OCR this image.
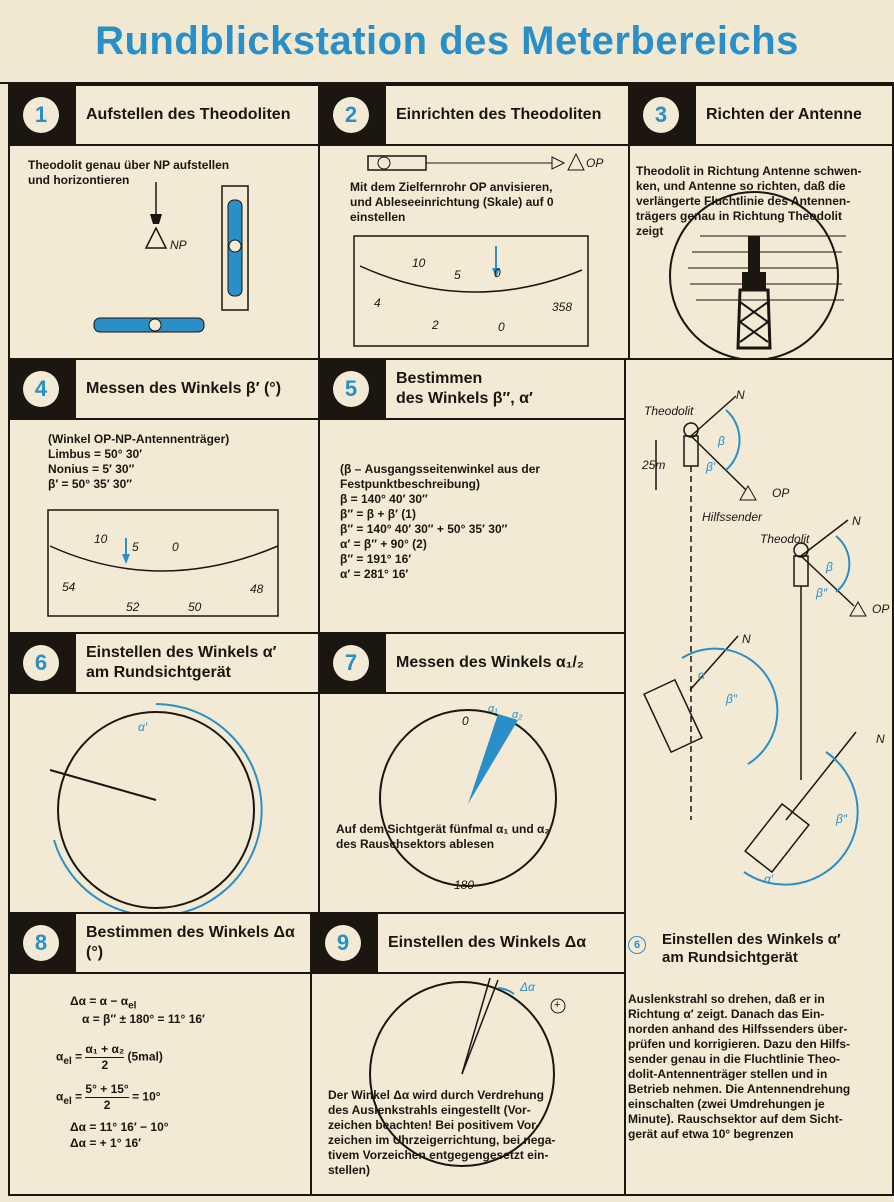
Rundblickstation des Meterbereichs
1	Aufstellen des Theodoliten
Theodolit genau über NP aufstellen
und horizontieren
NP
2	Einrichten des Theodoliten
OP
Mit dem Zielfernrohr OP anvisieren,
und Ableseeinrichtung (Skale) auf 0
einstellen
10
5	0
4
2	0
358
3	Richten der Antenne
Theodolit in Richtung Antenne schwen-
ken, und Antenne so richten, daß die
verlängerte Fluchtlinie des Antennen-
trägers genau in Richtung Theodolit
zeigt
4	Messen des Winkels β′ (°)
(Winkel OP-NP-Antennenträger)
Limbus = 50° 30′
Nonius = 5′ 30″
β′ = 50° 35′ 30″
10
5	0
54
52	50
48
5	Bestimmen
des Winkels β″, α′
(β – Ausgangsseitenwinkel aus der
Festpunktbeschreibung)
β = 140° 40′ 30″
β″ = β + β′ (1)
β″ = 140° 40′ 30″ + 50° 35′ 30″
α′ = β″ + 90° (2)
β″ = 191° 16′
α′ = 281° 16′
Theodolit
Theodolit
N
N
N
N
OP
OP
β
β′
β
β″
α
β″
β″
α′
25m
Hilfssender
6	Einstellen des Winkels α′
am Rundsichtgerät
α′
7	Messen des Winkels α₁/₂
0
180
α₁ α₂
Auf dem Sichtgerät fünfmal α₁ und α₂
des Rauschsektors ablesen
8	Bestimmen des Winkels Δα
(°)
$\Delta\alpha = \alpha - \alpha_{el}$
α = β″ ± 180° = 11° 16′
$\alpha_{el} = \frac{\text{α₁ + α₂}}{2} (5mal)$
$\alpha_{el} = \frac{5^\circ + 15^\circ}{2} = 10^\circ$
Δα = 11° 16′ − 10°
Δα = + 1° 16′
9	Einstellen des Winkels Δα
Δα
+
Der Winkel Δα wird durch Verdrehung
des Auslenkstrahls eingestellt (Vor-
zeichen beachten! Bei positivem Vor-
zeichen im Uhrzeigerrichtung, bei nega-
tivem Vorzeichen entgegengesetzt ein-
stellen)
6	Einstellen des Winkels α′
am Rundsichtgerät
Auslenkstrahl so drehen, daß er in
Richtung α′ zeigt. Danach das Ein-
norden anhand des Hilfssenders über-
prüfen und korrigieren. Dazu den Hilfs-
sender genau in die Fluchtlinie Theo-
dolit-Antennenträger stellen und in
Betrieb nehmen. Die Antennendrehung
einschalten (zwei Umdrehungen je
Minute). Rauschsektor auf dem Sicht-
gerät auf etwa 10° begrenzen
